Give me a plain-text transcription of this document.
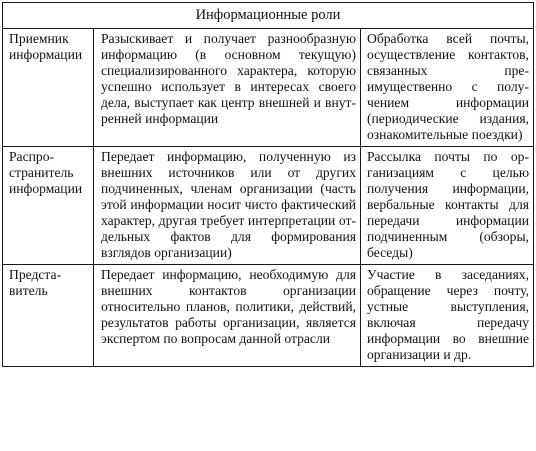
Информационные роли		
Приемник информации	Разыскивает и получает разнообразную информацию (в основном текущую) специализированного характера, которую успешно использует в интересах своего дела, выступает как центр внешней и внутренней информации	Обработка всей почты, осуществление контактов, связанных преимущественно с получением информации (периодические издания, ознакомительные поездки)
Распространитель информации	Передает информацию, полученную из внешних источников или от других подчиненных, членам организации (часть этой информации носит чисто фактический характер, другая требует интерпретации отдельных фактов для формирования взглядов организации)	Рассылка почты по организациям с целью получения информации, вербальные контакты для передачи информации подчиненным (обзоры, беседы)
Представитель	Передает информацию, необходимую для внешних контактов организации относительно планов, политики, действий, результатов работы организации, является экспертом по вопросам данной отрасли	Участие в заседаниях, обращение через почту, устные выступления, включая передачу информации во внешние организации и др.
